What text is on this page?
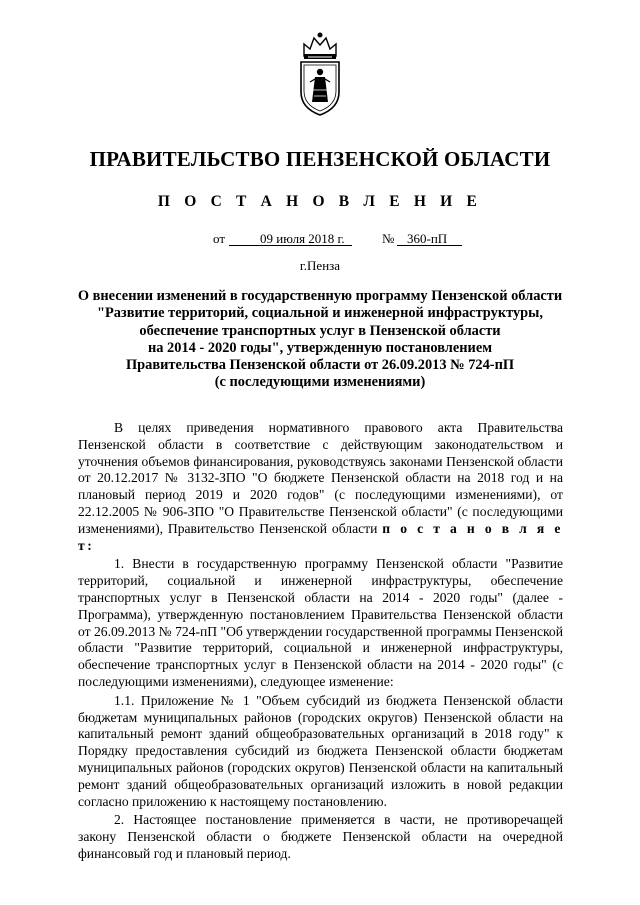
ПРАВИТЕЛЬСТВО ПЕНЗЕНСКОЙ ОБЛАСТИ
П О С Т А Н О В Л Е Н И Е
от	09 июля 2018 г.	№ 360-пП
г.Пенза
О внесении изменений в государственную программу Пензенской области
"Развитие территорий, социальной и инженерной инфраструктуры,
обеспечение транспортных услуг в Пензенской области
на 2014 - 2020 годы", утвержденную постановлением
Правительства Пензенской области от 26.09.2013 № 724-пП
(с последующими изменениями)

В целях приведения нормативного правового акта Правительства Пензенской области в соответствие с действующим законодательством и уточнения объемов финансирования, руководствуясь законами Пензенской области от 20.12.2017 № 3132-ЗПО "О бюджете Пензенской области на 2018 год и на плановый период 2019 и 2020 годов" (с последующими изменениями), от 22.12.2005 № 906-ЗПО "О Правительстве Пензенской области" (с последующими изменениями), Правительство Пензенской области п о с т а н о в л я е т:

1. Внести в государственную программу Пензенской области "Развитие территорий, социальной и инженерной инфраструктуры, обеспечение транспортных услуг в Пензенской области на 2014 - 2020 годы" (далее - Программа), утвержденную постановлением Правительства Пензенской области от 26.09.2013 № 724-пП "Об утверждении государственной программы Пензенской области "Развитие территорий, социальной и инженерной инфраструктуры, обеспечение транспортных услуг в Пензенской области на 2014 - 2020 годы" (с последующими изменениями), следующее изменение:

1.1. Приложение № 1 "Объем субсидий из бюджета Пензенской области бюджетам муниципальных районов (городских округов) Пензенской области на капитальный ремонт зданий общеобразовательных организаций в 2018 году" к Порядку предоставления субсидий из бюджета Пензенской области бюджетам муниципальных районов (городских округов) Пензенской области на капитальный ремонт зданий общеобразовательных организаций изложить в новой редакции согласно приложению к настоящему постановлению.

2. Настоящее постановление применяется в части, не противоречащей закону Пензенской области о бюджете Пензенской области на очередной финансовый год и плановый период.
